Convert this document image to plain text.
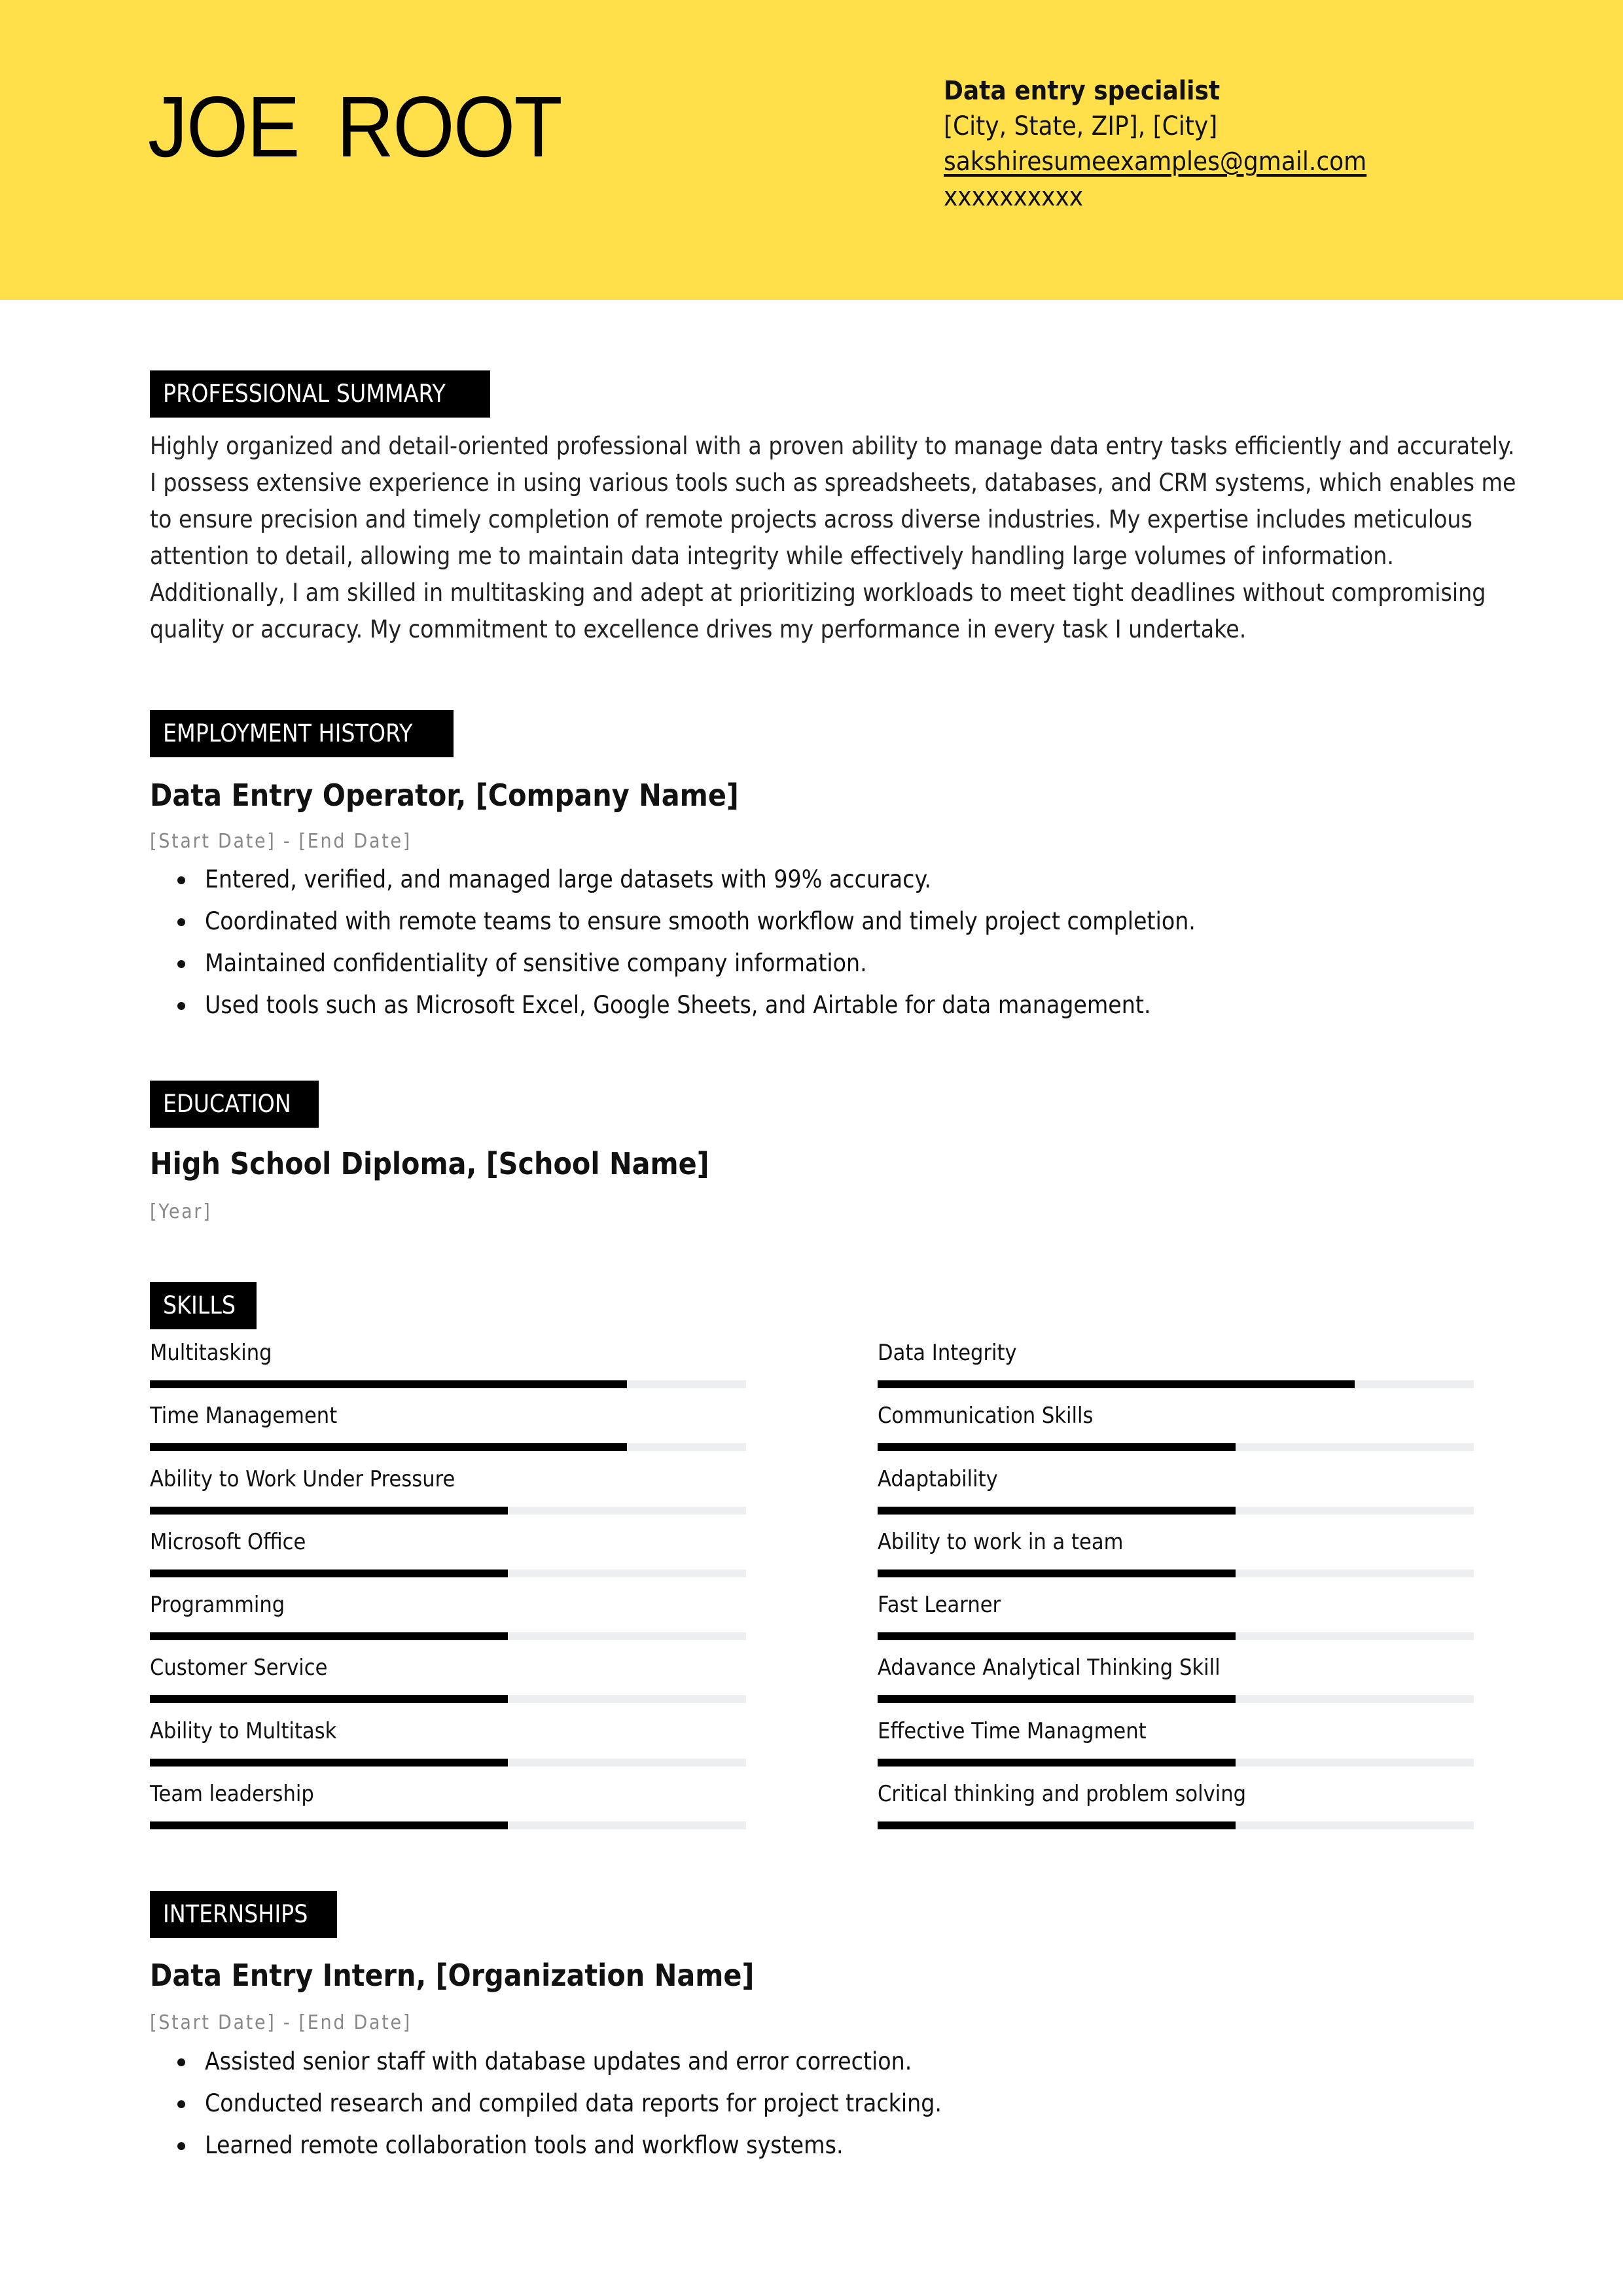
JOE ROOT	Data entry specialist
[City, State, ZIP], [City]
sakshiresumeexamples@gmail.com
xxxxxxxxxx
PROFESSIONAL SUMMARY
Highly organized and detail-oriented professional with a proven ability to manage data entry tasks efficiently and accurately.
I possess extensive experience in using various tools such as spreadsheets, databases, and CRM systems, which enables me
to ensure precision and timely completion of remote projects across diverse industries. My expertise includes meticulous
attention to detail, allowing me to maintain data integrity while effectively handling large volumes of information.
Additionally, I am skilled in multitasking and adept at prioritizing workloads to meet tight deadlines without compromising
quality or accuracy. My commitment to excellence drives my performance in every task I undertake.
EMPLOYMENT HISTORY
Data Entry Operator, [Company Name]
[Start Date] - [End Date]
Entered, verified, and managed large datasets with 99% accuracy.
Coordinated with remote teams to ensure smooth workflow and timely project completion.
Maintained confidentiality of sensitive company information.
Used tools such as Microsoft Excel, Google Sheets, and Airtable for data management.
EDUCATION
High School Diploma, [School Name]
[Year]
SKILLS
Multitasking
Time Management
Ability to Work Under Pressure
Microsoft Office
Programming
Customer Service
Ability to Multitask
Team leadership
Data Integrity
Communication Skills
Adaptability
Ability to work in a team
Fast Learner
Adavance Analytical Thinking Skill
Effective Time Managment
Critical thinking and problem solving
INTERNSHIPS
Data Entry Intern, [Organization Name]
[Start Date] - [End Date]
Assisted senior staff with database updates and error correction.
Conducted research and compiled data reports for project tracking.
Learned remote collaboration tools and workflow systems.
